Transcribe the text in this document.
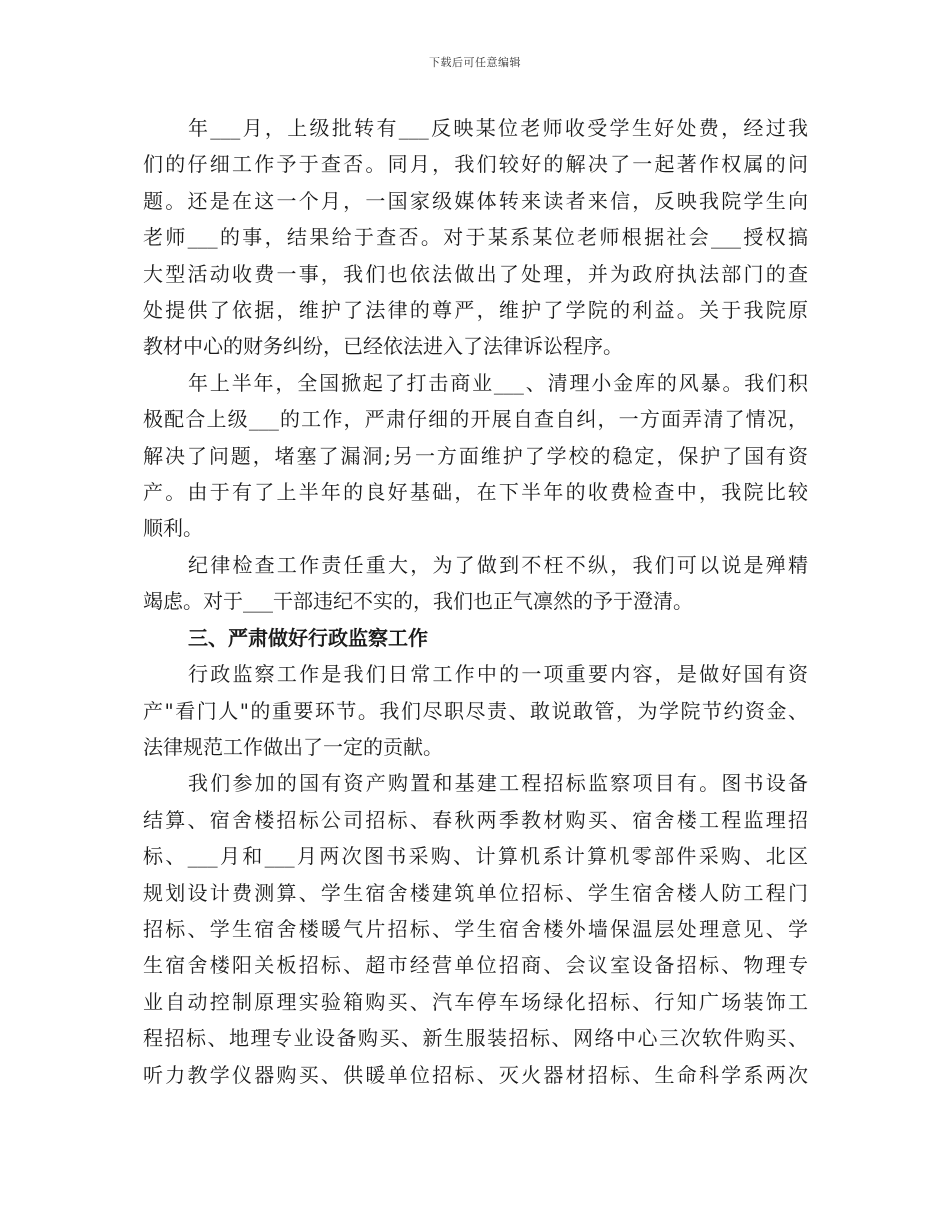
下载后可任意编辑

年___月，上级批转有___反映某位老师收受学生好处费，经过我
们的仔细工作予于查否。同月，我们较好的解决了一起著作权属的问
题。还是在这一个月，一国家级媒体转来读者来信，反映我院学生向
老师___的事，结果给于查否。对于某系某位老师根据社会___授权搞
大型活动收费一事，我们也依法做出了处理，并为政府执法部门的查
处提供了依据，维护了法律的尊严，维护了学院的利益。关于我院原
教材中心的财务纠纷，已经依法进入了法律诉讼程序。

年上半年，全国掀起了打击商业___、清理小金库的风暴。我们积
极配合上级___的工作，严肃仔细的开展自查自纠，一方面弄清了情况，
解决了问题，堵塞了漏洞;另一方面维护了学校的稳定，保护了国有资
产。由于有了上半年的良好基础，在下半年的收费检查中，我院比较
顺利。

纪律检查工作责任重大，为了做到不枉不纵，我们可以说是殚精
竭虑。对于___干部违纪不实的，我们也正气凛然的予于澄清。

三、严肃做好行政监察工作

行政监察工作是我们日常工作中的一项重要内容，是做好国有资
产"看门人"的重要环节。我们尽职尽责、敢说敢管，为学院节约资金、
法律规范工作做出了一定的贡献。

我们参加的国有资产购置和基建工程招标监察项目有。图书设备
结算、宿舍楼招标公司招标、春秋两季教材购买、宿舍楼工程监理招
标、___月和___月两次图书采购、计算机系计算机零部件采购、北区
规划设计费测算、学生宿舍楼建筑单位招标、学生宿舍楼人防工程门
招标、学生宿舍楼暖气片招标、学生宿舍楼外墙保温层处理意见、学
生宿舍楼阳关板招标、超市经营单位招商、会议室设备招标、物理专
业自动控制原理实验箱购买、汽车停车场绿化招标、行知广场装饰工
程招标、地理专业设备购买、新生服装招标、网络中心三次软件购买、
听力教学仪器购买、供暖单位招标、灭火器材招标、生命科学系两次
